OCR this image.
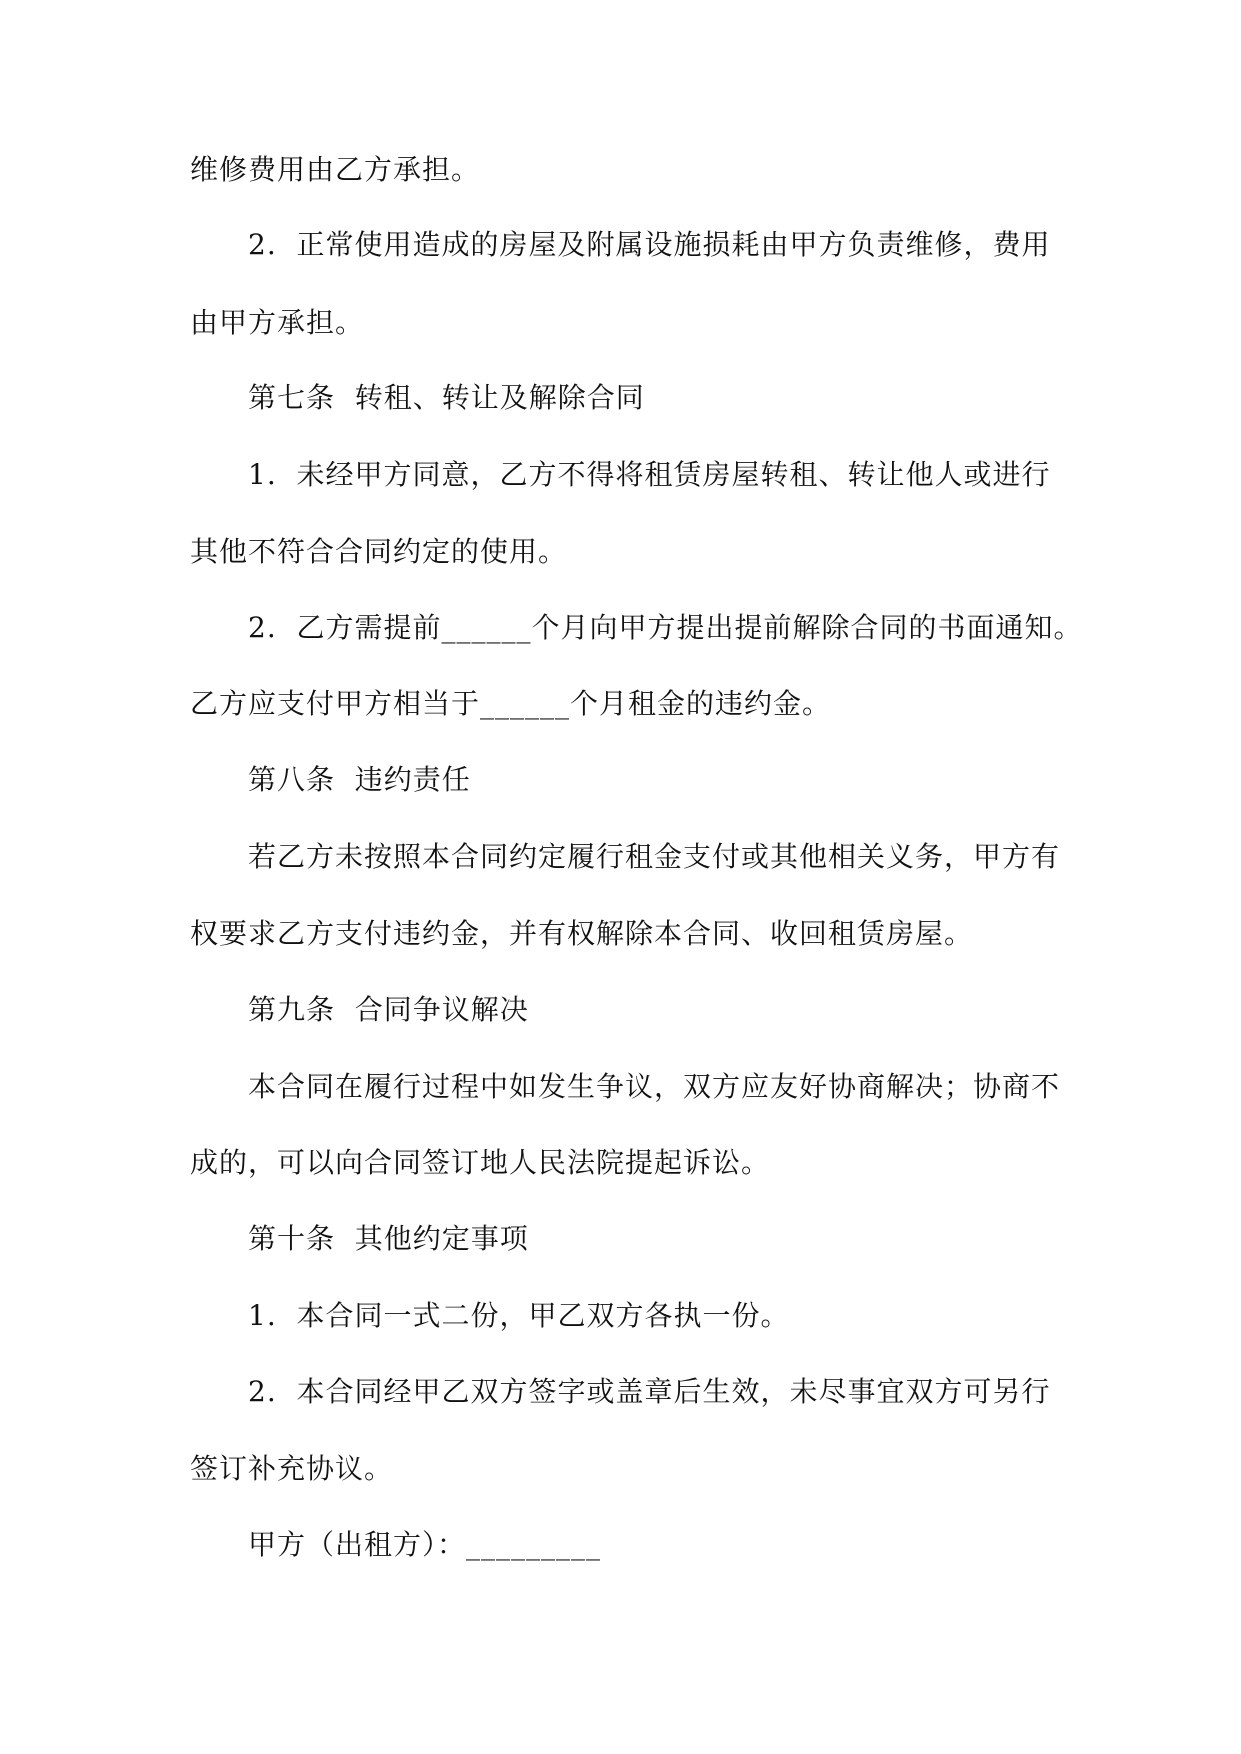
维修费用由乙方承担。
2.  正常使用造成的房屋及附属设施损耗由甲方负责维修，费用
由甲方承担。
第七条  转租、转让及解除合同
1.  未经甲方同意，乙方不得将租赁房屋转租、转让他人或进行
其他不符合合同约定的使用。
2.  乙方需提前______个月向甲方提出提前解除合同的书面通知。
乙方应支付甲方相当于______个月租金的违约金。
第八条  违约责任
若乙方未按照本合同约定履行租金支付或其他相关义务，甲方有
权要求乙方支付违约金，并有权解除本合同、收回租赁房屋。
第九条  合同争议解决
本合同在履行过程中如发生争议，双方应友好协商解决；协商不
成的，可以向合同签订地人民法院提起诉讼。
第十条  其他约定事项
1.  本合同一式二份，甲乙双方各执一份。
2.  本合同经甲乙双方签字或盖章后生效，未尽事宜双方可另行
签订补充协议。
甲方（出租方）：_________
